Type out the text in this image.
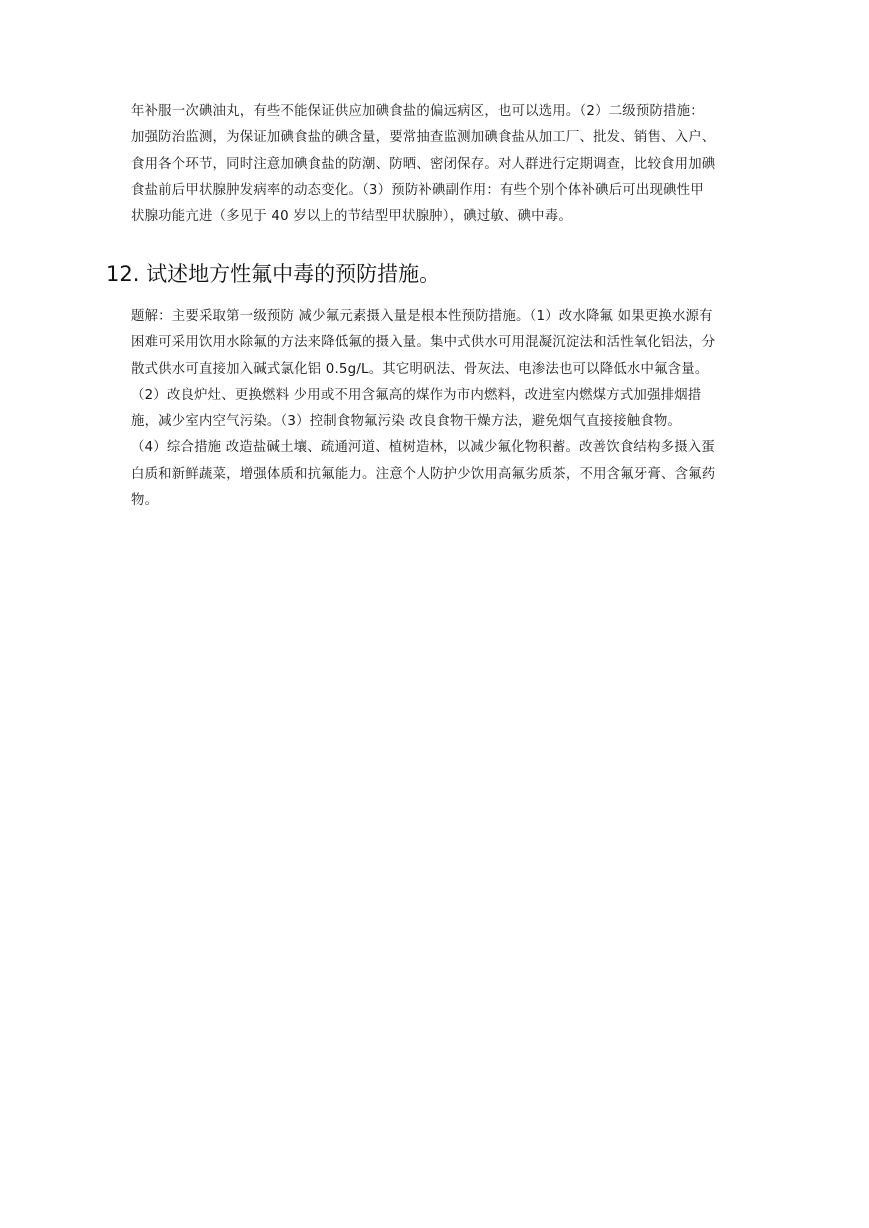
年补服一次碘油丸，有些不能保证供应加碘食盐的偏远病区，也可以选用。（2）二级预防措施：
加强防治监测，为保证加碘食盐的碘含量，要常抽查监测加碘食盐从加工厂、批发、销售、入户、
食用各个环节，同时注意加碘食盐的防潮、防晒、密闭保存。对人群进行定期调查，比较食用加碘
食盐前后甲状腺肿发病率的动态变化。（3）预防补碘副作用：有些个别个体补碘后可出现碘性甲
状腺功能亢进（多见于 40 岁以上的节结型甲状腺肿），碘过敏、碘中毒。
12. 试述地方性氟中毒的预防措施。
题解：主要采取第一级预防 减少氟元素摄入量是根本性预防措施。（1）改水降氟 如果更换水源有
困难可采用饮用水除氟的方法来降低氟的摄入量。集中式供水可用混凝沉淀法和活性氧化铝法，分
散式供水可直接加入碱式氯化铝 0.5g/L。其它明矾法、骨灰法、电渗法也可以降低水中氟含量。
（2）改良炉灶、更换燃料 少用或不用含氟高的煤作为市内燃料，改进室内燃煤方式加强排烟措
施，减少室内空气污染。（3）控制食物氟污染 改良食物干燥方法，避免烟气直接接触食物。
（4）综合措施 改造盐碱土壤、疏通河道、植树造林，以减少氟化物积蓄。改善饮食结构多摄入蛋
白质和新鲜蔬菜，增强体质和抗氟能力。注意个人防护少饮用高氟劣质茶，不用含氟牙膏、含氟药
物。
